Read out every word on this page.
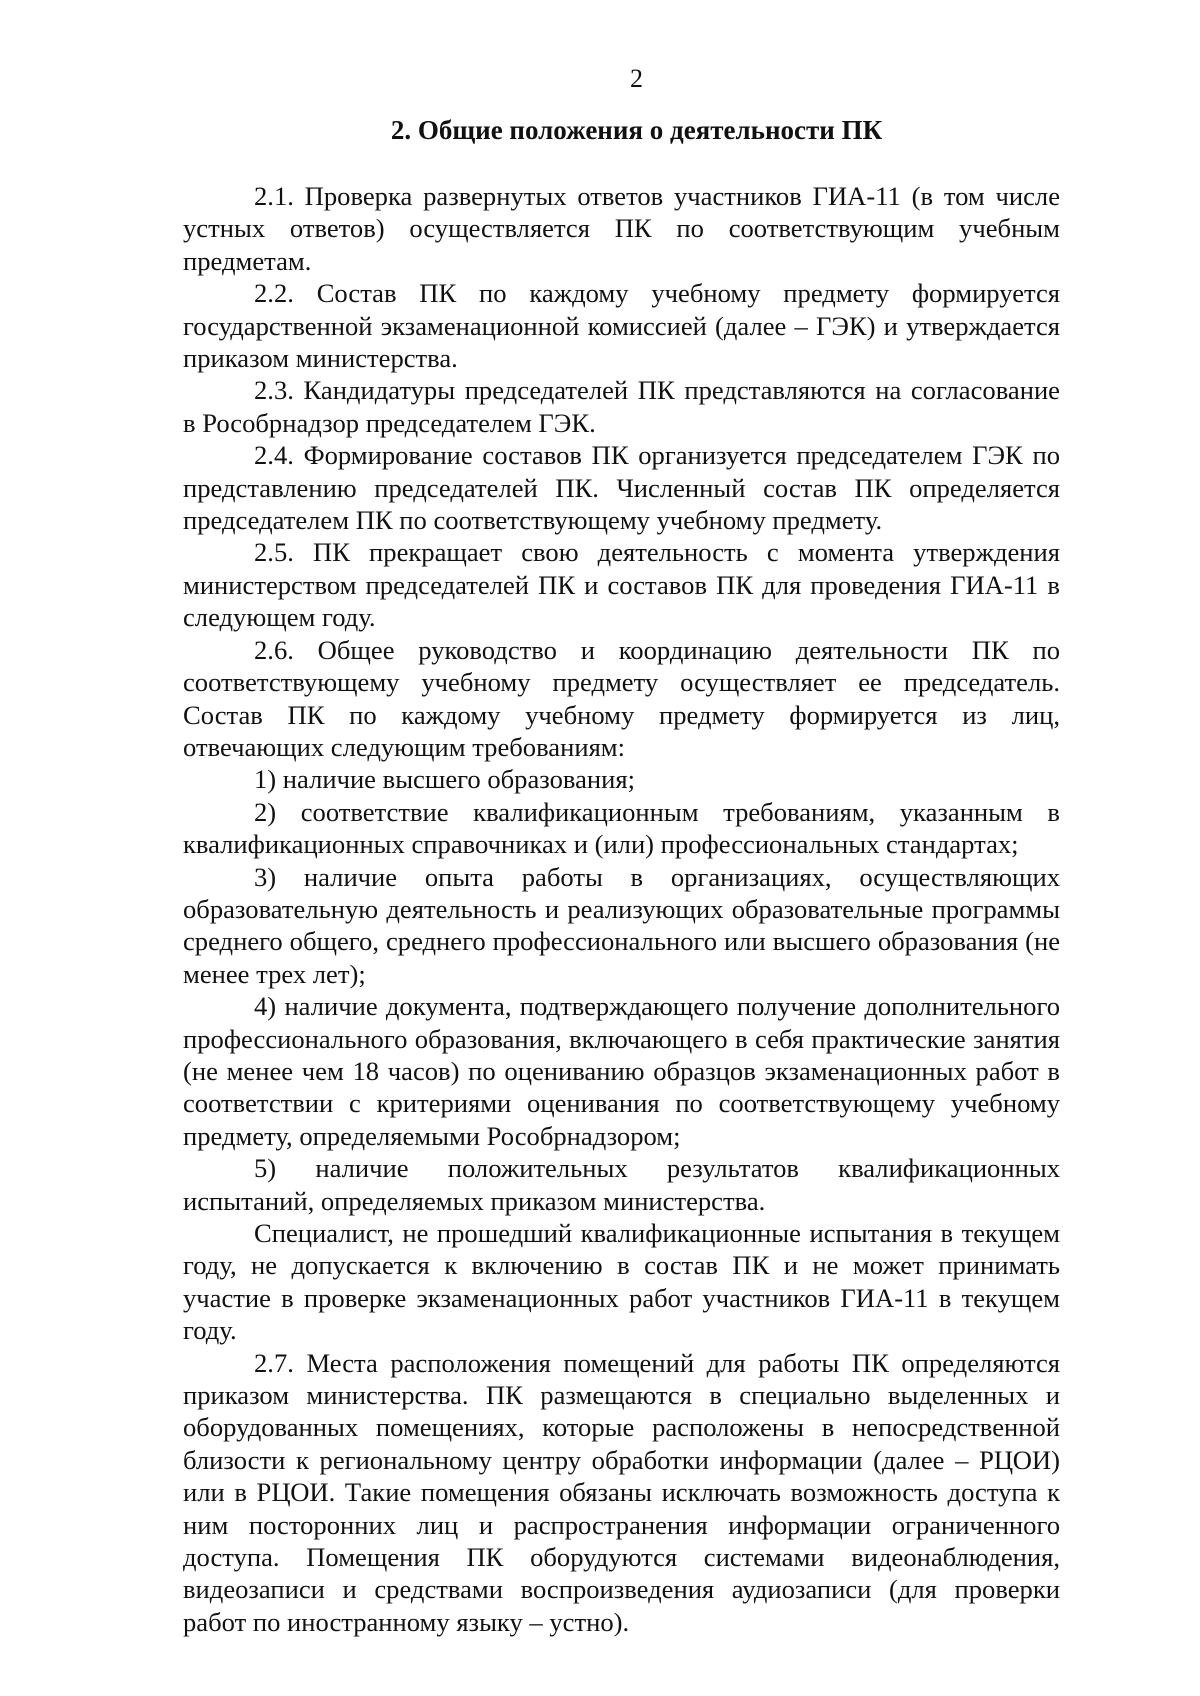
2
2. Общие положения о деятельности ПК

2.1. Проверка развернутых ответов участников ГИА-11 (в том числе устных ответов) осуществляется ПК по соответствующим учебным предметам.

2.2. Состав ПК по каждому учебному предмету формируется государственной экзаменационной комиссией (далее – ГЭК) и утверждается приказом министерства.

2.3. Кандидатуры председателей ПК представляются на согласование в Рособрнадзор председателем ГЭК.

2.4. Формирование составов ПК организуется председателем ГЭК по представлению председателей ПК. Численный состав ПК определяется председателем ПК по соответствующему учебному предмету.

2.5. ПК прекращает свою деятельность с момента утверждения министерством председателей ПК и составов ПК для проведения ГИА-11 в следующем году.

2.6. Общее руководство и координацию деятельности ПК по соответствующему учебному предмету осуществляет ее председатель. Состав ПК по каждому учебному предмету формируется из лиц, отвечающих следующим требованиям:

1) наличие высшего образования;

2) соответствие квалификационным требованиям, указанным в квалификационных справочниках и (или) профессиональных стандартах;

3) наличие опыта работы в организациях, осуществляющих образовательную деятельность и реализующих образовательные программы среднего общего, среднего профессионального или высшего образования (не менее трех лет);

4) наличие документа, подтверждающего получение дополнительного профессионального образования, включающего в себя практические занятия (не менее чем 18 часов) по оцениванию образцов экзаменационных работ в соответствии с критериями оценивания по соответствующему учебному предмету, определяемыми Рособрнадзором;

5) наличие положительных результатов квалификационных испытаний, определяемых приказом министерства.

Специалист, не прошедший квалификационные испытания в текущем году, не допускается к включению в состав ПК и не может принимать участие в проверке экзаменационных работ участников ГИА-11 в текущем году.

2.7. Места расположения помещений для работы ПК определяются приказом министерства. ПК размещаются в специально выделенных и оборудованных помещениях, которые расположены в непосредственной близости к региональному центру обработки информации (далее – РЦОИ) или в РЦОИ. Такие помещения обязаны исключать возможность доступа к ним посторонних лиц и распространения информации ограниченного доступа. Помещения ПК оборудуются системами видеонаблюдения, видеозаписи и средствами воспроизведения аудиозаписи (для проверки работ по иностранному языку – устно).
